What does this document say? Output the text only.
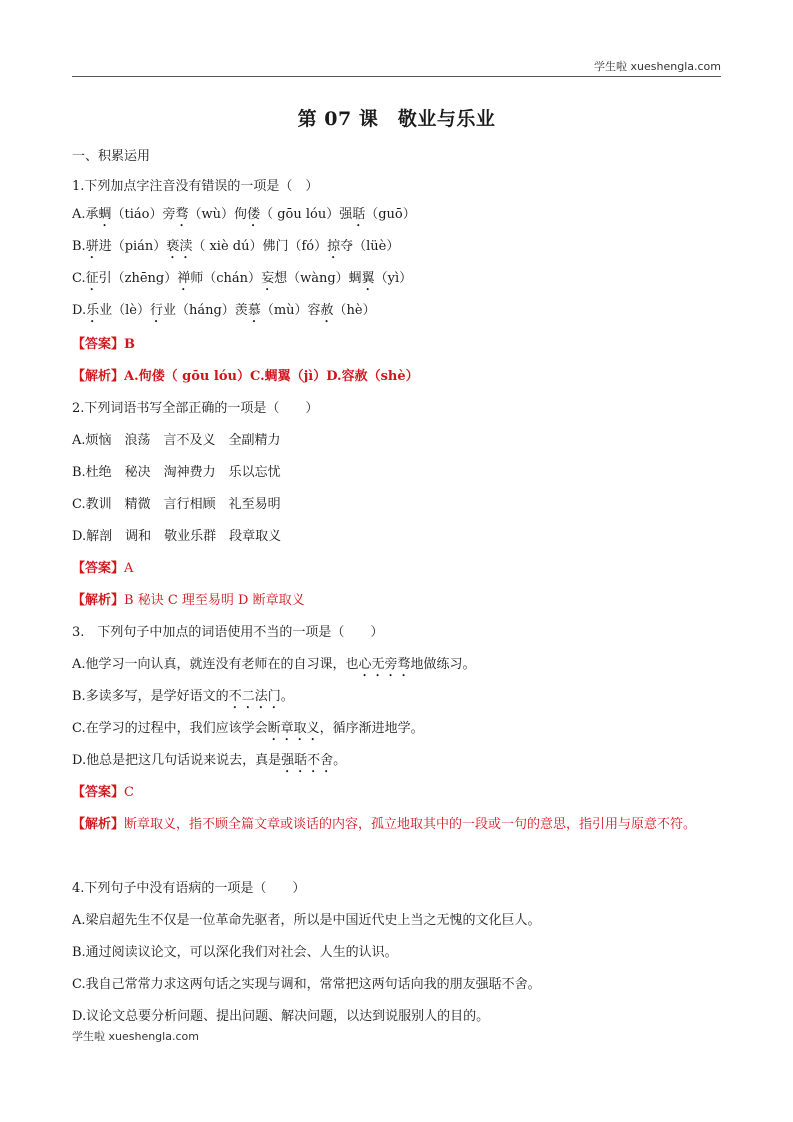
学生啦 xueshengla.com
第 07 课　敬业与乐业
一、积累运用
1.下列加点字注音没有错误的一项是（　）
A.承蜩（tiáo）旁骛（wù）佝偻（ gōu lóu）强聒（guō）
B.骈进（pián）亵渎（ xiè dú）佛门（fó）掠夺（lüè）
C.征引（zhēng）禅师（chán）妄想（wàng）蜩翼（yì）
D.乐业（lè）行业（háng）羡慕（mù）容赦（hè）
【答案】B
【解析】A.佝偻（ gōu lóu）C.蜩翼（jì）D.容赦（shè）
2.下列词语书写全部正确的一项是（　　）
A.烦恼　浪荡　言不及义　全副精力
B.杜绝　秘决　淘神费力　乐以忘忧
C.教训　精微　言行相顾　礼至易明
D.解剖　调和　敬业乐群　段章取义
【答案】A
【解析】B 秘诀 C 理至易明 D 断章取义
3.　下列句子中加点的词语使用不当的一项是（　　）
A.他学习一向认真，就连没有老师在的自习课，也心无旁骛地做练习。
B.多读多写，是学好语文的不二法门。
C.在学习的过程中，我们应该学会断章取义，循序渐进地学。
D.他总是把这几句话说来说去，真是强聒不舍。
【答案】C
【解析】断章取义，指不顾全篇文章或谈话的内容，孤立地取其中的一段或一句的意思，指引用与原意不符。
4.下列句子中没有语病的一项是（　　）
A.梁启超先生不仅是一位革命先驱者，所以是中国近代史上当之无愧的文化巨人。
B.通过阅读议论文，可以深化我们对社会、人生的认识。
C.我自己常常力求这两句话之实现与调和，常常把这两句话向我的朋友强聒不舍。
D.议论文总要分析问题、提出问题、解决问题，以达到说服别人的目的。
学生啦 xueshengla.com
